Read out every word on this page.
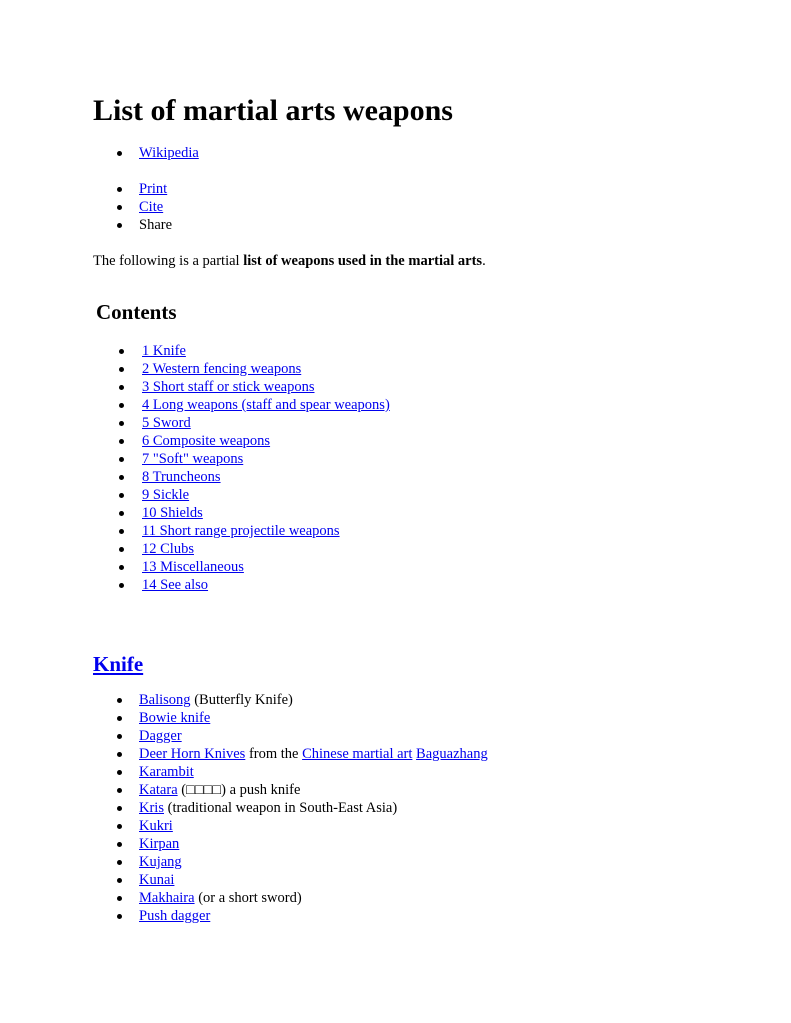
List of martial arts weapons
Wikipedia
Print
Cite
Share

The following is a partial list of weapons used in the martial arts.

Contents
1 Knife
2 Western fencing weapons
3 Short staff or stick weapons
4 Long weapons (staff and spear weapons)
5 Sword
6 Composite weapons
7 "Soft" weapons
8 Truncheons
9 Sickle
10 Shields
11 Short range projectile weapons
12 Clubs
13 Miscellaneous
14 See also
Knife
Balisong (Butterfly Knife)
Bowie knife
Dagger
Deer Horn Knives from the Chinese martial art Baguazhang
Karambit
Katara (□□□□) a push knife
Kris (traditional weapon in South-East Asia)
Kukri
Kirpan
Kujang
Kunai
Makhaira (or a short sword)
Push dagger
